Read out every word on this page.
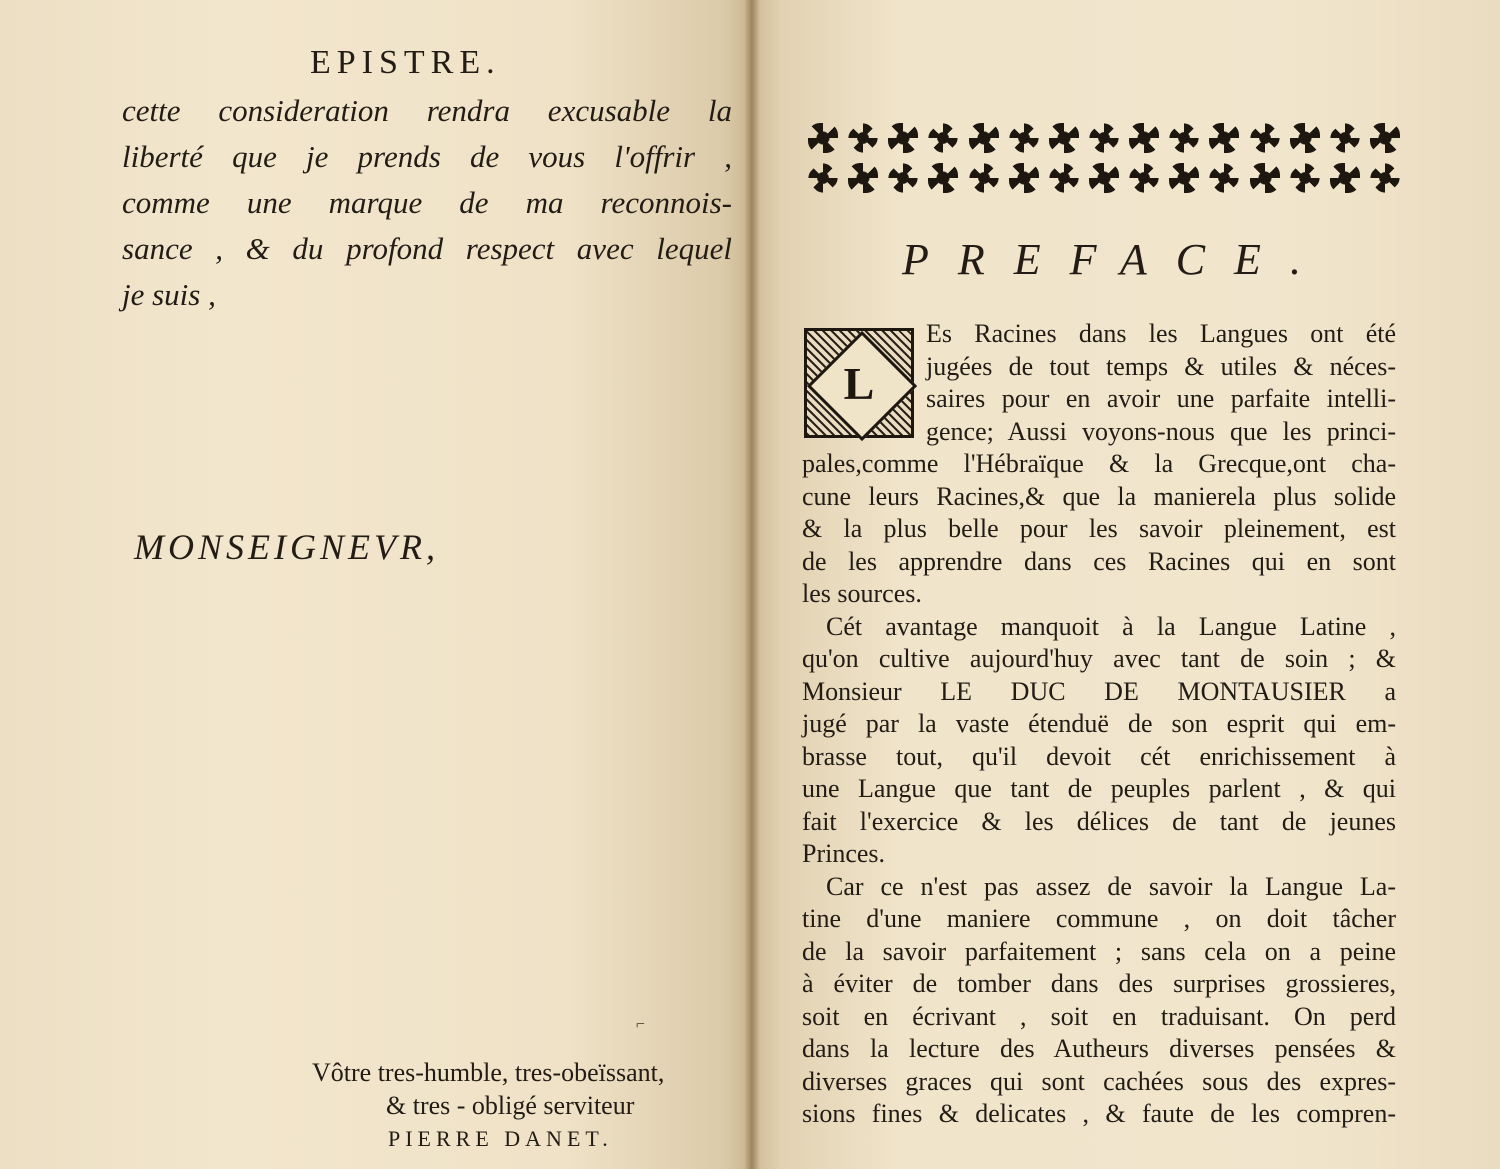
EPISTRE.
cette consideration rendra excusable la
liberté que je prends de vous l'offrir ,
comme une marque de ma reconnois-
sance , & du profond respect avec lequel
je suis ,
MONSEIGNEVR,
⌐
Vôtre tres-humble, tres-obeïssant,
& tres - obligé serviteur
PIERRE DANET.
PREFACE.
L
Es Racines dans les Langues ont été
jugées de tout temps & utiles & néces-
saires pour en avoir une parfaite intelli-
gence; Aussi voyons-nous que les princi-
pales,comme l'Hébraïque & la Grecque,ont cha-
cune leurs Racines,& que la manierela plus solide
& la plus belle pour les savoir pleinement, est
de les apprendre dans ces Racines qui en sont
les sources.
Cét avantage manquoit à la Langue Latine ,
qu'on cultive aujourd'huy avec tant de soin ; &
Monsieur LE DUC DE MONTAUSIER a
jugé par la vaste étenduë de son esprit qui em-
brasse tout, qu'il devoit cét enrichissement à
une Langue que tant de peuples parlent , & qui
fait l'exercice & les délices de tant de jeunes
Princes.
Car ce n'est pas assez de savoir la Langue La-
tine d'une maniere commune , on doit tâcher
de la savoir parfaitement ; sans cela on a peine
à éviter de tomber dans des surprises grossieres,
soit en écrivant , soit en traduisant. On perd
dans la lecture des Autheurs diverses pensées &
diverses graces qui sont cachées sous des expres-
sions fines & delicates , & faute de les compren-
